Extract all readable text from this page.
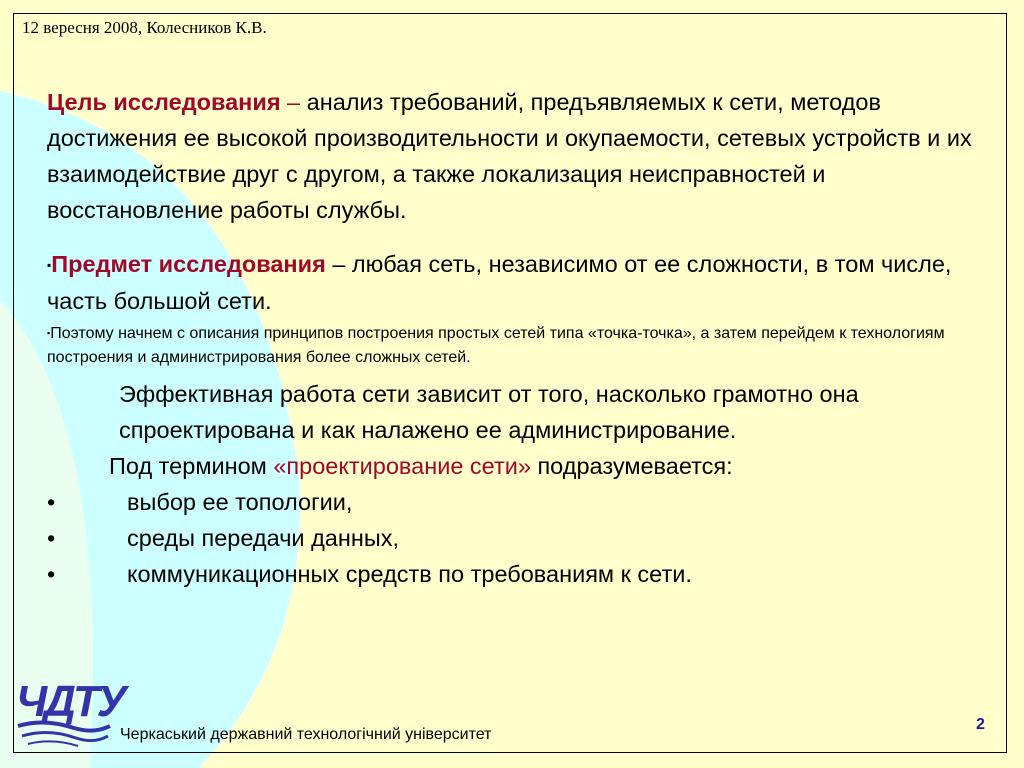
12 вересня 2008, Колесников К.В.

Цель исследования – анализ требований, предъявляемых к сети, методов достижения ее высокой производительности и окупаемости, сетевых устройств и их взаимодействие друг с другом, а также локализация неисправностей и восстановление работы службы.

▪Предмет исследования – любая сеть, независимо от ее сложности, в том числе, часть большой сети.

▪Поэтому начнем с описания принципов построения простых сетей типа «точка-точка», а затем перейдем к технологиям построения и администрирования более сложных сетей.

Эффективная работа сети зависит от того, насколько грамотно она спроектирована и как налажено ее администрирование.

Под термином «проектирование сети» подразумевается:

•	выбор ее топологии,
•	среды передачи данных,
•	коммуникационных средств по требованиям к сети.
ЧДТУ
Черкаський державний технологічний університет
2
